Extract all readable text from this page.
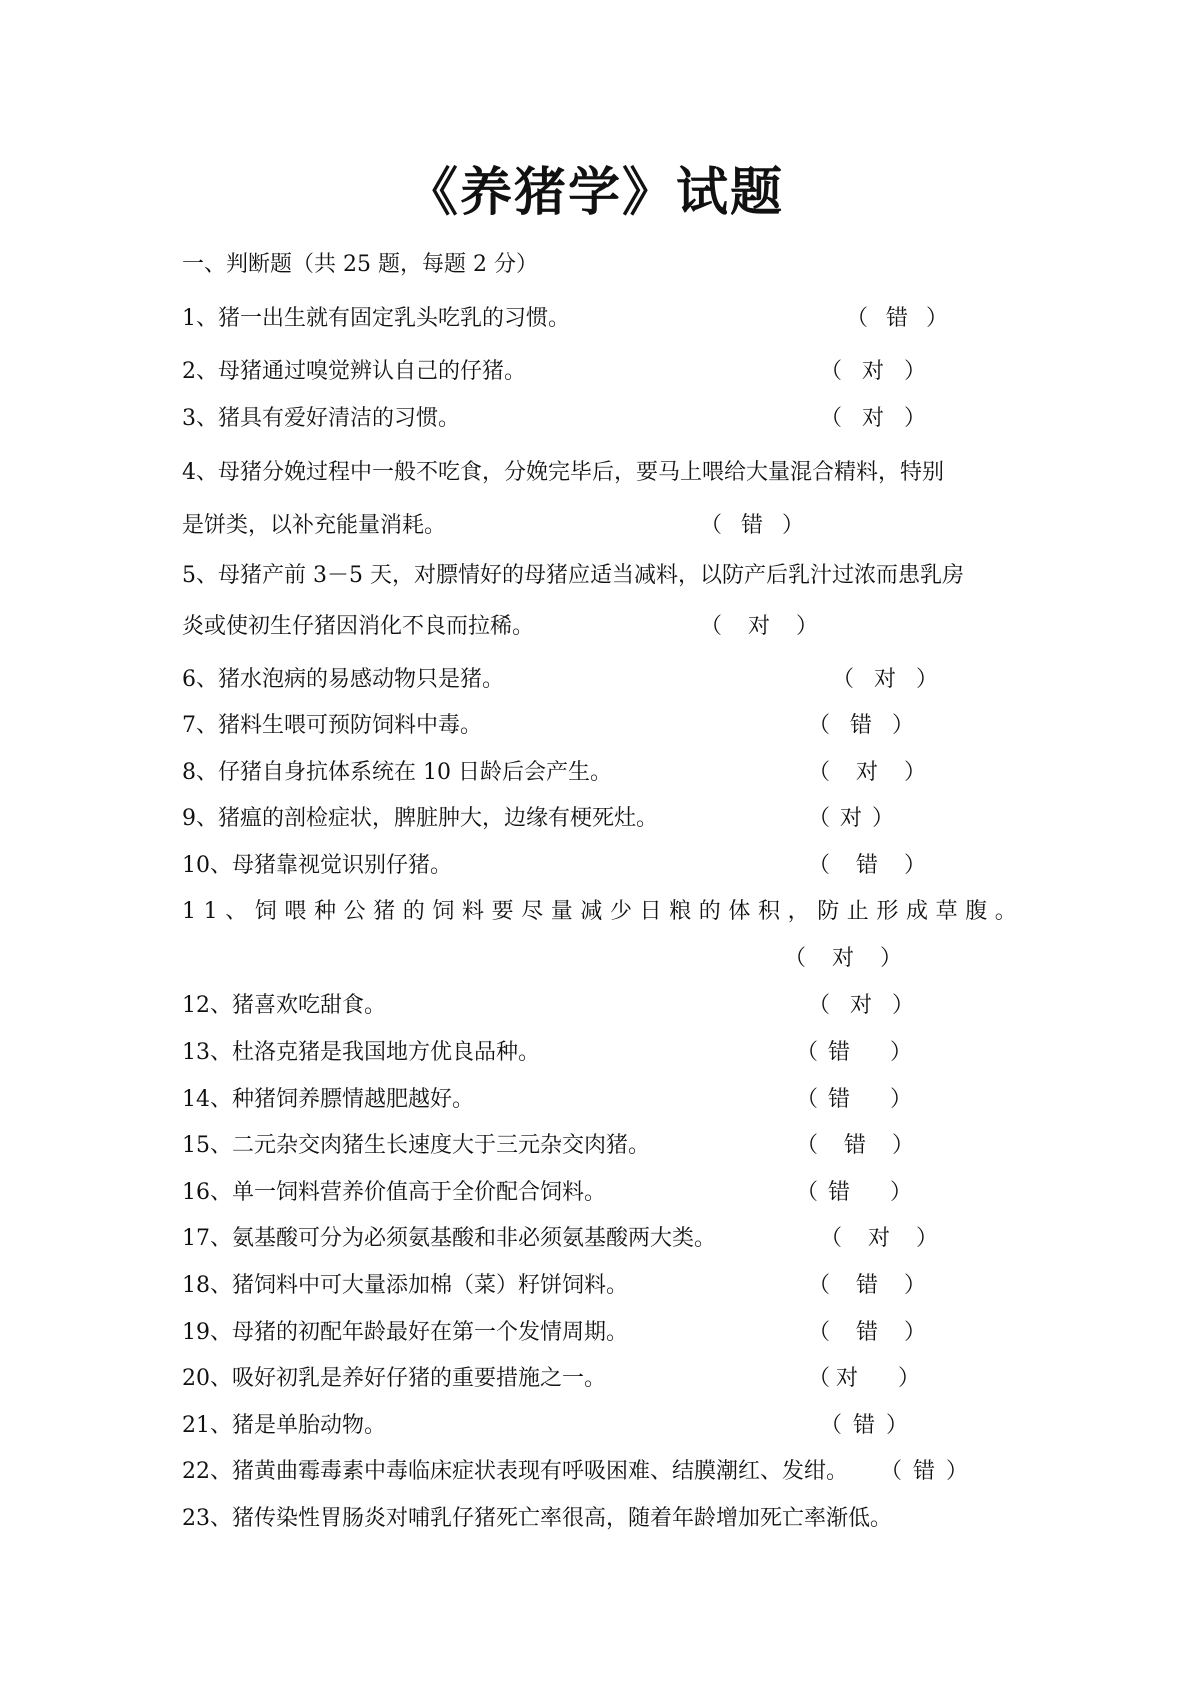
《养猪学》试题
一、判断题（共 25 题，每题 2 分）
1、猪一出生就有固定乳头吃乳的习惯。	（ 错 ）
2、母猪通过嗅觉辨认自己的仔猪。	（ 对 ）
3、猪具有爱好清洁的习惯。	（ 对 ）
4、母猪分娩过程中一般不吃食，分娩完毕后，要马上喂给大量混合精料，特别
是饼类，以补充能量消耗。	（ 错 ）
5、母猪产前 3－5 天，对膘情好的母猪应适当减料，以防产后乳汁过浓而患乳房
炎或使初生仔猪因消化不良而拉稀。	（ 对 ）
6、猪水泡病的易感动物只是猪。	（ 对 ）
7、猪料生喂可预防饲料中毒。	（ 错 ）
8、仔猪自身抗体系统在 10 日龄后会产生。	（ 对 ）
9、猪瘟的剖检症状，脾脏肿大，边缘有梗死灶。	（ 对 ）
10、母猪靠视觉识别仔猪。	（ 错 ）
11、饲喂种公猪的饲料要尽量减少日粮的体积，防止形成草腹。
（ 对 ）
12、猪喜欢吃甜食。	（ 对 ）
13、杜洛克猪是我国地方优良品种。	（ 错 ）
14、种猪饲养膘情越肥越好。	（ 错 ）
15、二元杂交肉猪生长速度大于三元杂交肉猪。	（ 错 ）
16、单一饲料营养价值高于全价配合饲料。	（ 错 ）
17、氨基酸可分为必须氨基酸和非必须氨基酸两大类。	（ 对 ）
18、猪饲料中可大量添加棉（菜）籽饼饲料。	（ 错 ）
19、母猪的初配年龄最好在第一个发情周期。	（ 错 ）
20、吸好初乳是养好仔猪的重要措施之一。	（ 对 ）
21、猪是单胎动物。	（ 错 ）
22、猪黄曲霉毒素中毒临床症状表现有呼吸困难、结膜潮红、发绀。 （ 错 ）
23、猪传染性胃肠炎对哺乳仔猪死亡率很高，随着年龄增加死亡率渐低。
